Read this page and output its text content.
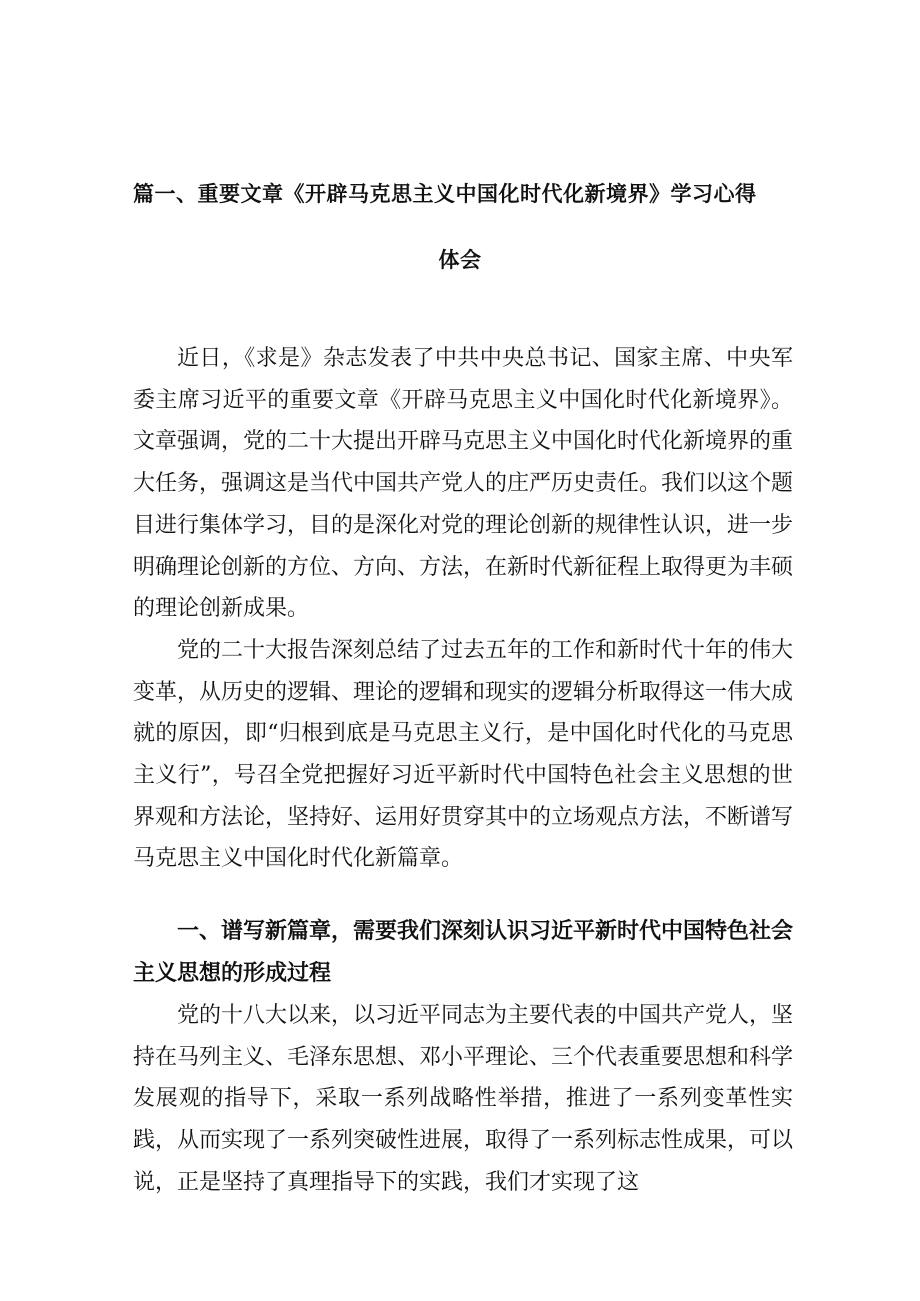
篇一、重要文章《开辟马克思主义中国化时代化新境界》学习心得
体会

近日，《求是》杂志发表了中共中央总书记、国家主席、中央军委主席习近平的重要文章《开辟马克思主义中国化时代化新境界》。文章强调，党的二十大提出开辟马克思主义中国化时代化新境界的重大任务，强调这是当代中国共产党人的庄严历史责任。我们以这个题目进行集体学习，目的是深化对党的理论创新的规律性认识，进一步明确理论创新的方位、方向、方法，在新时代新征程上取得更为丰硕的理论创新成果。

党的二十大报告深刻总结了过去五年的工作和新时代十年的伟大变革，从历史的逻辑、理论的逻辑和现实的逻辑分析取得这一伟大成就的原因，即“归根到底是马克思主义行，是中国化时代化的马克思主义行”，号召全党把握好习近平新时代中国特色社会主义思想的世界观和方法论，坚持好、运用好贯穿其中的立场观点方法，不断谱写马克思主义中国化时代化新篇章。

一、谱写新篇章，需要我们深刻认识习近平新时代中国特色社会主义思想的形成过程

党的十八大以来，以习近平同志为主要代表的中国共产党人，坚持在马列主义、毛泽东思想、邓小平理论、三个代表重要思想和科学发展观的指导下，采取一系列战略性举措，推进了一系列变革性实践，从而实现了一系列突破性进展，取得了一系列标志性成果，可以说，正是坚持了真理指导下的实践，我们才实现了这
